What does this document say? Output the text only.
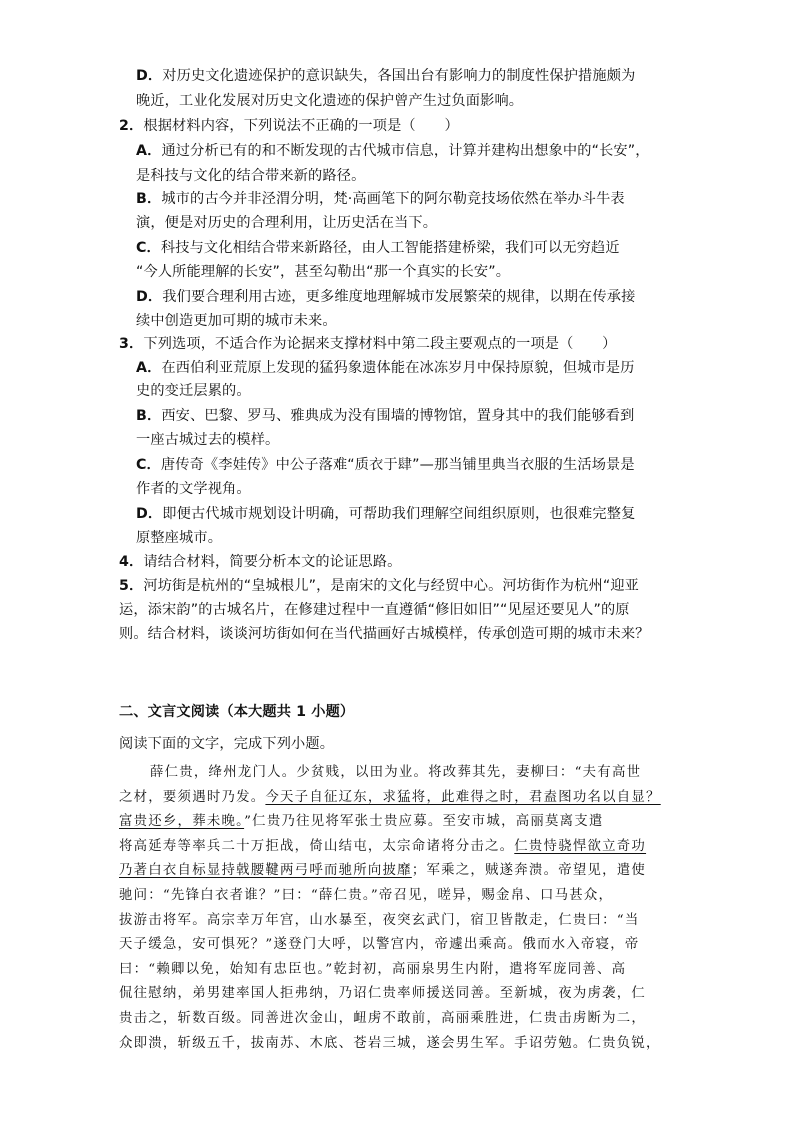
D．对历史文化遗迹保护的意识缺失，各国出台有影响力的制度性保护措施颇为
晚近，工业化发展对历史文化遗迹的保护曾产生过负面影响。
2．根据材料内容，下列说法不正确的一项是（　　）
A．通过分析已有的和不断发现的古代城市信息，计算并建构出想象中的“长安”，
是科技与文化的结合带来新的路径。
B．城市的古今并非泾渭分明，梵·高画笔下的阿尔勒竞技场依然在举办斗牛表
演，便是对历史的合理利用，让历史活在当下。
C．科技与文化相结合带来新路径，由人工智能搭建桥梁，我们可以无穷趋近
“今人所能理解的长安”，甚至勾勒出“那一个真实的长安”。
D．我们要合理利用古迹，更多维度地理解城市发展繁荣的规律，以期在传承接
续中创造更加可期的城市未来。
3．下列选项，不适合作为论据来支撑材料中第二段主要观点的一项是（　　）
A．在西伯利亚荒原上发现的猛犸象遗体能在冰冻岁月中保持原貌，但城市是历
史的变迁层累的。
B．西安、巴黎、罗马、雅典成为没有围墙的博物馆，置身其中的我们能够看到
一座古城过去的模样。
C．唐传奇《李娃传》中公子落难“质衣于肆”—那当铺里典当衣服的生活场景是
作者的文学视角。
D．即便古代城市规划设计明确，可帮助我们理解空间组织原则，也很难完整复
原整座城市。
4．请结合材料，简要分析本文的论证思路。
5．河坊街是杭州的“皇城根儿”，是南宋的文化与经贸中心。河坊街作为杭州“迎亚
运，添宋韵”的古城名片，在修建过程中一直遵循“修旧如旧”“见屋还要见人”的原
则。结合材料，谈谈河坊街如何在当代描画好古城模样，传承创造可期的城市未来？
二、文言文阅读（本大题共 1 小题）
阅读下面的文字，完成下列小题。
薛仁贵，绛州龙门人。少贫贱，以田为业。将改葬其先，妻柳曰：“夫有高世
之材，要须遇时乃发。今天子自征辽东，求猛将，此难得之时，君盍图功名以自显？
富贵还乡，葬未晚。”仁贵乃往见将军张士贵应募。至安市城，高丽莫离支遣
将高延寿等率兵二十万拒战，倚山结屯，太宗命诸将分击之。仁贵恃骁悍欲立奇功
乃著白衣自标显持戟腰鞬两弓呼而驰所向披靡；军乘之，贼遂奔溃。帝望见，遣使
驰问：“先锋白衣者谁？”曰：“薛仁贵。”帝召见，嗟异，赐金帛、口马甚众，
拔游击将军。高宗幸万年宫，山水暴至，夜突玄武门，宿卫皆散走，仁贵曰：“当
天子缓急，安可惧死？”遂登门大呼，以警宫内，帝遽出乘高。俄而水入帝寝，帝
曰：“赖卿以免，始知有忠臣也。”乾封初，高丽泉男生内附，遣将军庞同善、高
侃往慰纳，弟男建率国人拒弗纳，乃诏仁贵率师援送同善。至新城，夜为虏袭，仁
贵击之，斩数百级。同善进次金山，衄虏不敢前，高丽乘胜进，仁贵击虏断为二，
众即溃，斩级五千，拔南苏、木底、苍岩三城，遂会男生军。手诏劳勉。仁贵负锐，
